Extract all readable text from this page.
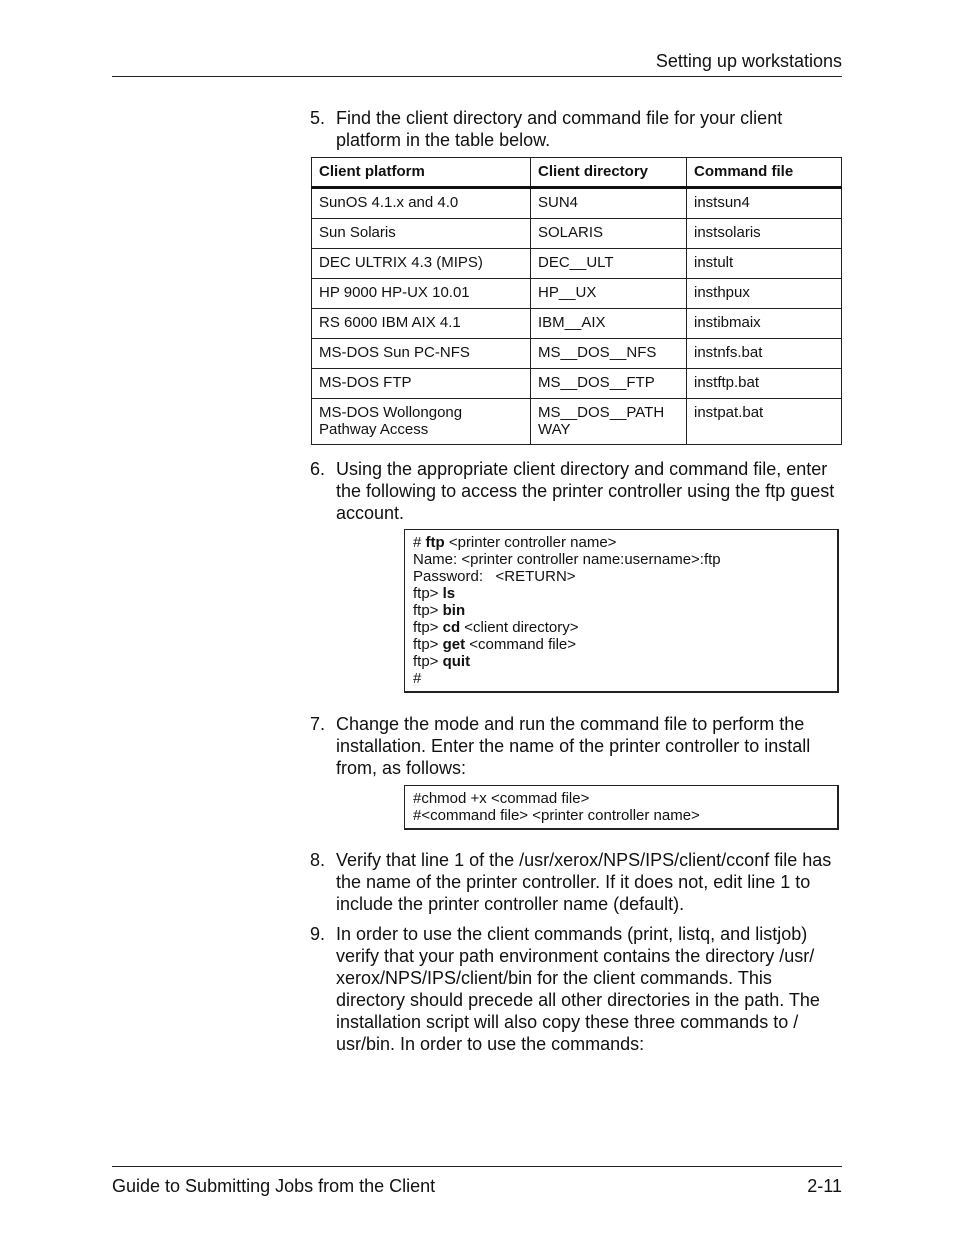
Setting up workstations
5. Find the client directory and command file for your client platform in the table below.
Client platform	Client directory	Command file
SunOS 4.1.x and 4.0	SUN4	instsun4
Sun Solaris	SOLARIS	instsolaris
DEC ULTRIX 4.3 (MIPS)	DEC__ULT	instult
HP 9000 HP-UX 10.01	HP__UX	insthpux
RS 6000 IBM AIX 4.1	IBM__AIX	instibmaix
MS-DOS Sun PC-NFS	MS__DOS__NFS	instnfs.bat
MS-DOS FTP	MS__DOS__FTP	instftp.bat
MS-DOS Wollongong Pathway Access	MS__DOS__PATH WAY	instpat.bat
6. Using the appropriate client directory and command file, enter the following to access the printer controller using the ftp guest account.
# ftp <printer controller name>
Name: <printer controller name:username>:ftp
Password:   <RETURN>
ftp> ls
ftp> bin
ftp> cd <client directory>
ftp> get <command file>
ftp> quit
#
7. Change the mode and run the command file to perform the installation. Enter the name of the printer controller to install from, as follows:
#chmod +x <commad file>
#<command file> <printer controller name>
8. Verify that line 1 of the /usr/xerox/NPS/IPS/client/cconf file has the name of the printer controller. If it does not, edit line 1 to include the printer controller name (default).
9. In order to use the client commands (print, listq, and listjob) verify that your path environment contains the directory /usr/ xerox/NPS/IPS/client/bin for the client commands. This directory should precede all other directories in the path. The installation script will also copy these three commands to / usr/bin. In order to use the commands:
Guide to Submitting Jobs from the Client	2-11
